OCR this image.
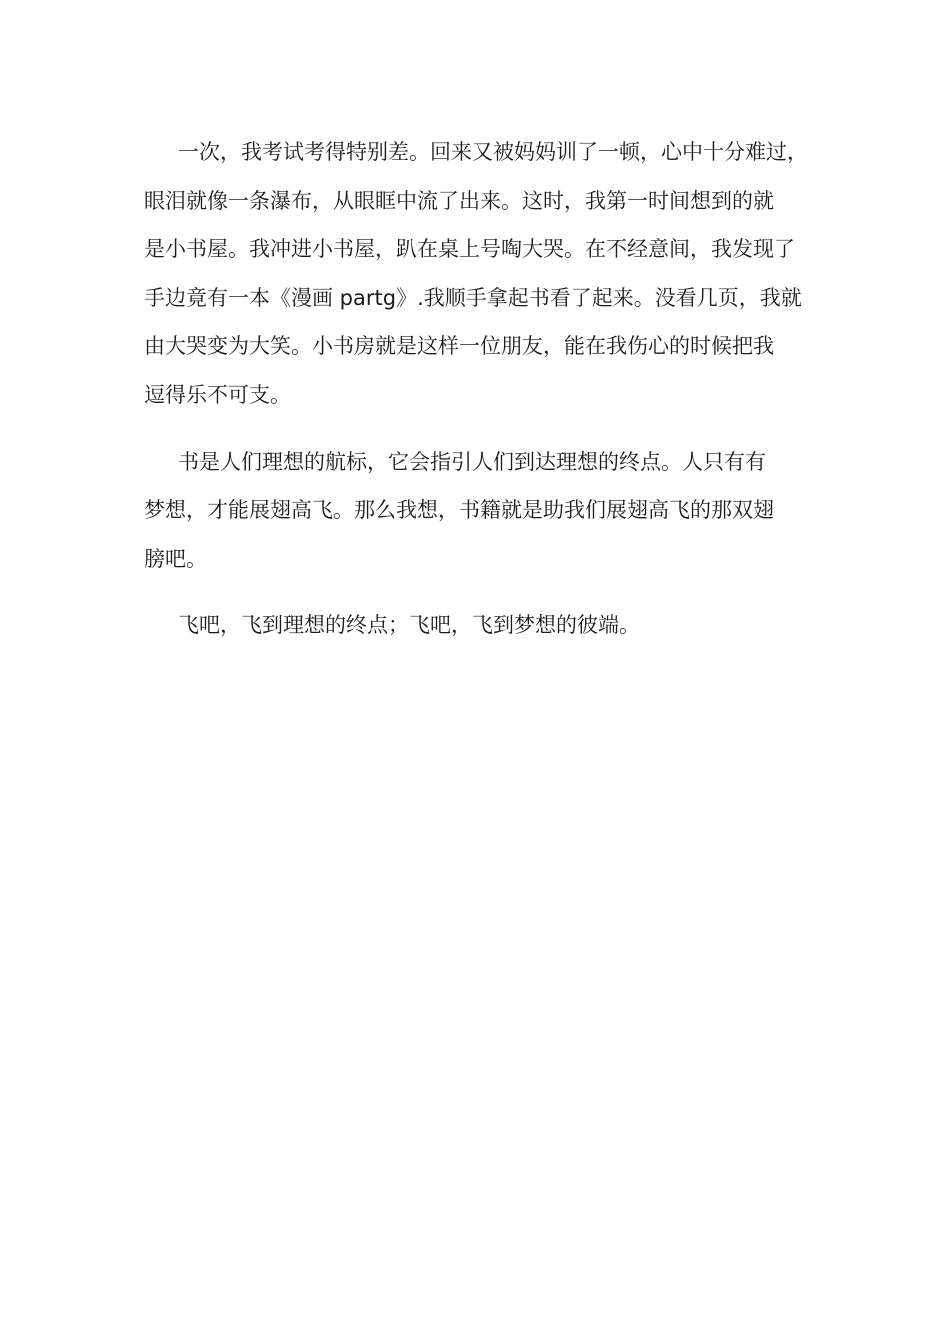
一次，我考试考得特别差。回来又被妈妈训了一顿，心中十分难过，
眼泪就像一条瀑布，从眼眶中流了出来。这时，我第一时间想到的就
是小书屋。我冲进小书屋，趴在桌上号啕大哭。在不经意间，我发现了
手边竟有一本《漫画 partg》.我顺手拿起书看了起来。没看几页，我就
由大哭变为大笑。小书房就是这样一位朋友，能在我伤心的时候把我
逗得乐不可支。
书是人们理想的航标，它会指引人们到达理想的终点。人只有有
梦想，才能展翅高飞。那么我想，书籍就是助我们展翅高飞的那双翅
膀吧。
飞吧，飞到理想的终点；飞吧，飞到梦想的彼端。
